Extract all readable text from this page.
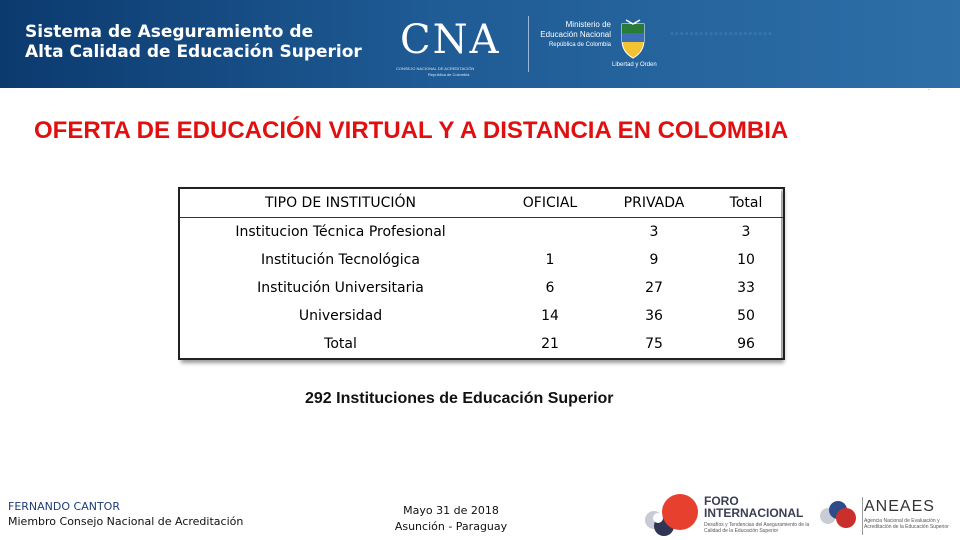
Sistema de Aseguramiento de
Alta Calidad de Educación Superior CNA
CONSEJO NACIONAL DE ACREDITACIÓN
República de Colombia
Ministerio de
Educación Nacional
República de Colombia
Libertad y Orden
▪▪▪▪▪▪▪▪▪▪▪▪▪▪▪▪▪▪▪▪▪
˙
OFERTA DE EDUCACIÓN VIRTUAL Y A DISTANCIA EN COLOMBIA
TIPO DE INSTITUCIÓN	OFICIAL	PRIVADA	Total
Institucion Técnica Profesional		3	3
Institución Tecnológica	1	9	10
Institución Universitaria	6	27	33
Universidad	14	36	50
Total	21	75	96
292 Instituciones de Educación Superior
FERNANDO CANTOR
Miembro Consejo Nacional de Acreditación
Mayo 31 de 2018
Asunción - Paraguay
FORO
INTERNACIONAL
Desafíos y Tendencias del Aseguramiento de la Calidad de la Educación Superior
ANEAES
Agencia Nacional de Evaluación y Acreditación de la Educación Superior
